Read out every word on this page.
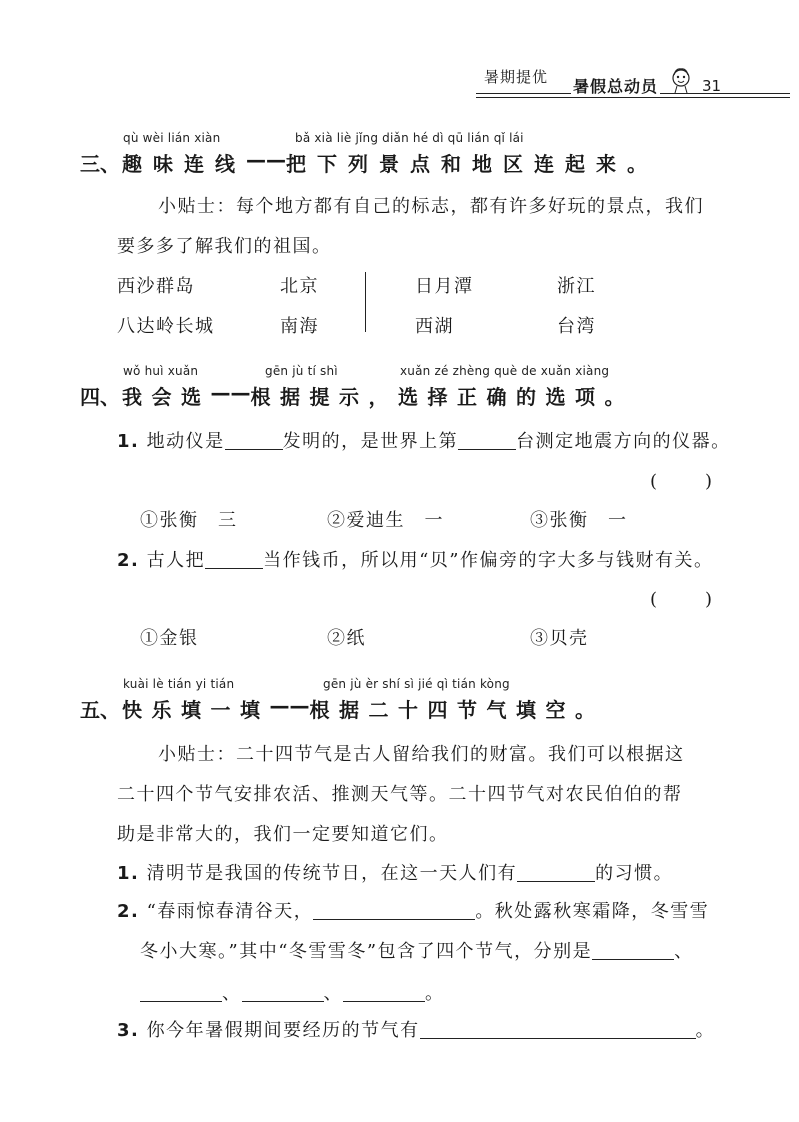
暑期提优 暑假总动员	31
qù wèi lián xiàn	bǎ xià liè jǐng diǎn hé dì qū lián qǐ lái
三、 趣 味 连 线 —— 把 下 列 景 点 和 地 区 连 起 来 。
小贴士：每个地方都有自己的标志，都有许多好玩的景点，我们
要多多了解我们的祖国。
西沙群岛	北京	日月潭	浙江
八达岭长城	南海	西湖	台湾
wǒ huì xuǎn	gēn jù tí shì	xuǎn zé zhèng què de xuǎn xiàng
四、 我 会 选 —— 根 据 提 示 ， 选 择 正 确 的 选 项 。
1. 地动仪是	发明的，是世界上第	台测定地震方向的仪器。
(　　)
①张衡　三	②爱迪生　一	③张衡　一
2. 古人把	当作钱币，所以用“贝”作偏旁的字大多与钱财有关。
(　　)
①金银	②纸	③贝壳
kuài lè tián yi tián	gēn jù èr shí sì jié qì tián kòng
五、 快 乐 填 一 填 —— 根 据 二 十 四 节 气 填 空 。
小贴士：二十四节气是古人留给我们的财富。我们可以根据这
二十四个节气安排农活、推测天气等。二十四节气对农民伯伯的帮
助是非常大的，我们一定要知道它们。
1. 清明节是我国的传统节日，在这一天人们有	的习惯。
2. “春雨惊春清谷天，	。秋处露秋寒霜降，冬雪雪
冬小大寒。”其中“冬雪雪冬”包含了四个节气，分别是	、
、	、	。
3. 你今年暑假期间要经历的节气有	。
